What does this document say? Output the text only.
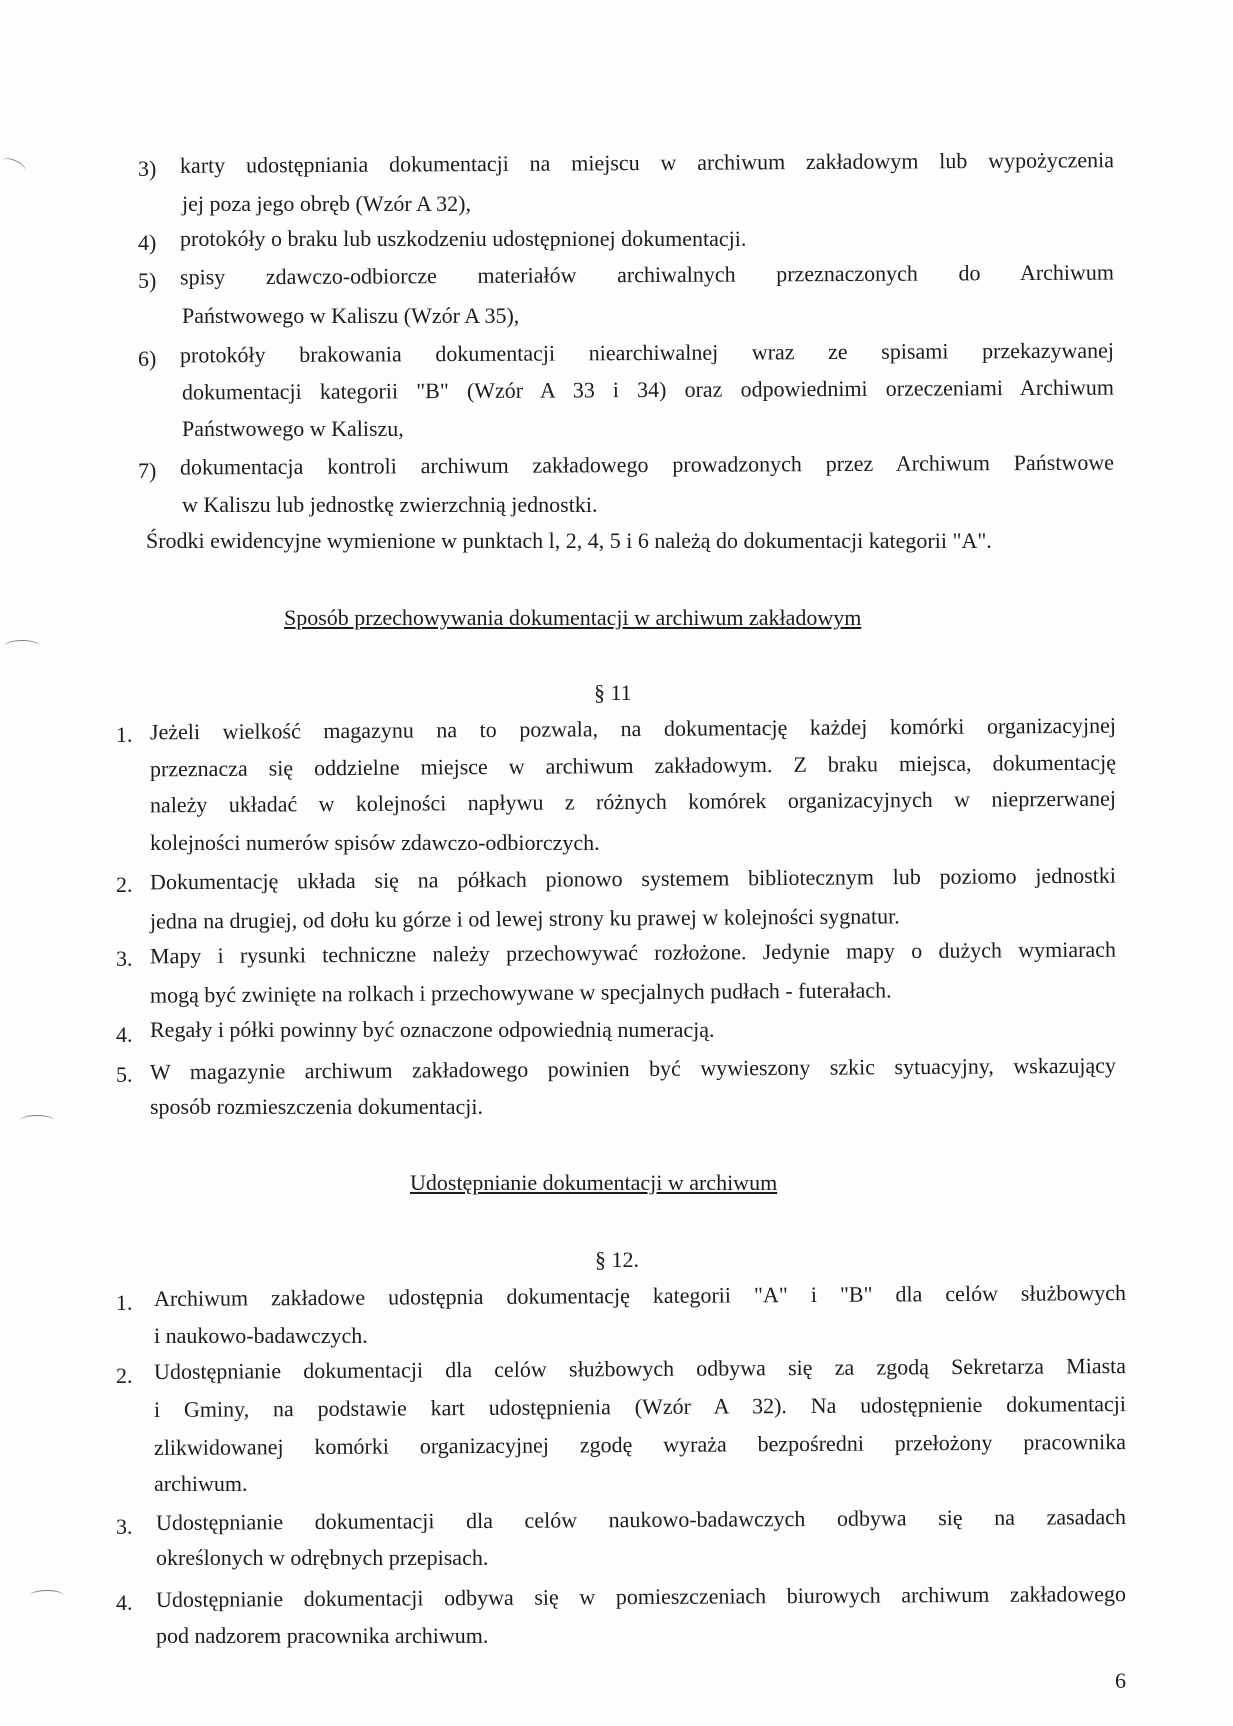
3) karty udostępniania dokumentacji na miejscu w archiwum zakładowym lub wypożyczenia
jej poza jego obręb (Wzór A 32),
4) protokóły o braku lub uszkodzeniu udostępnionej dokumentacji.
5) spisy zdawczo-odbiorcze materiałów archiwalnych przeznaczonych do Archiwum
Państwowego w Kaliszu (Wzór A 35),
6) protokóły brakowania dokumentacji niearchiwalnej wraz ze spisami przekazywanej
dokumentacji kategorii "B" (Wzór A 33 i 34) oraz odpowiednimi orzeczeniami Archiwum
Państwowego w Kaliszu,
7) dokumentacja kontroli archiwum zakładowego prowadzonych przez Archiwum Państwowe
w Kaliszu lub jednostkę zwierzchnią jednostki.
Środki ewidencyjne wymienione w punktach l, 2, 4, 5 i 6 należą do dokumentacji kategorii "A".
Sposób przechowywania dokumentacji w archiwum zakładowym
§ 11
1. Jeżeli wielkość magazynu na to pozwala, na dokumentację każdej komórki organizacyjnej
przeznacza się oddzielne miejsce w archiwum zakładowym. Z braku miejsca, dokumentację
należy układać w kolejności napływu z różnych komórek organizacyjnych w nieprzerwanej
kolejności numerów spisów zdawczo-odbiorczych.
2. Dokumentację układa się na półkach pionowo systemem bibliotecznym lub poziomo jednostki
jedna na drugiej, od dołu ku górze i od lewej strony ku prawej w kolejności sygnatur.
3. Mapy i rysunki techniczne należy przechowywać rozłożone. Jedynie mapy o dużych wymiarach
mogą być zwinięte na rolkach i przechowywane w specjalnych pudłach - futerałach.
4. Regały i półki powinny być oznaczone odpowiednią numeracją.
5. W magazynie archiwum zakładowego powinien być wywieszony szkic sytuacyjny, wskazujący
sposób rozmieszczenia dokumentacji.
Udostępnianie dokumentacji w archiwum
§ 12.
1. Archiwum zakładowe udostępnia dokumentację kategorii "A" i "B" dla celów służbowych
i naukowo-badawczych.
2. Udostępnianie dokumentacji dla celów służbowych odbywa się za zgodą Sekretarza Miasta
i Gminy, na podstawie kart udostępnienia (Wzór A 32). Na udostępnienie dokumentacji
zlikwidowanej komórki organizacyjnej zgodę wyraża bezpośredni przełożony pracownika
archiwum.
3. Udostępnianie dokumentacji dla celów naukowo-badawczych odbywa się na zasadach
określonych w odrębnych przepisach.
4. Udostępnianie dokumentacji odbywa się w pomieszczeniach biurowych archiwum zakładowego
pod nadzorem pracownika archiwum.
6
